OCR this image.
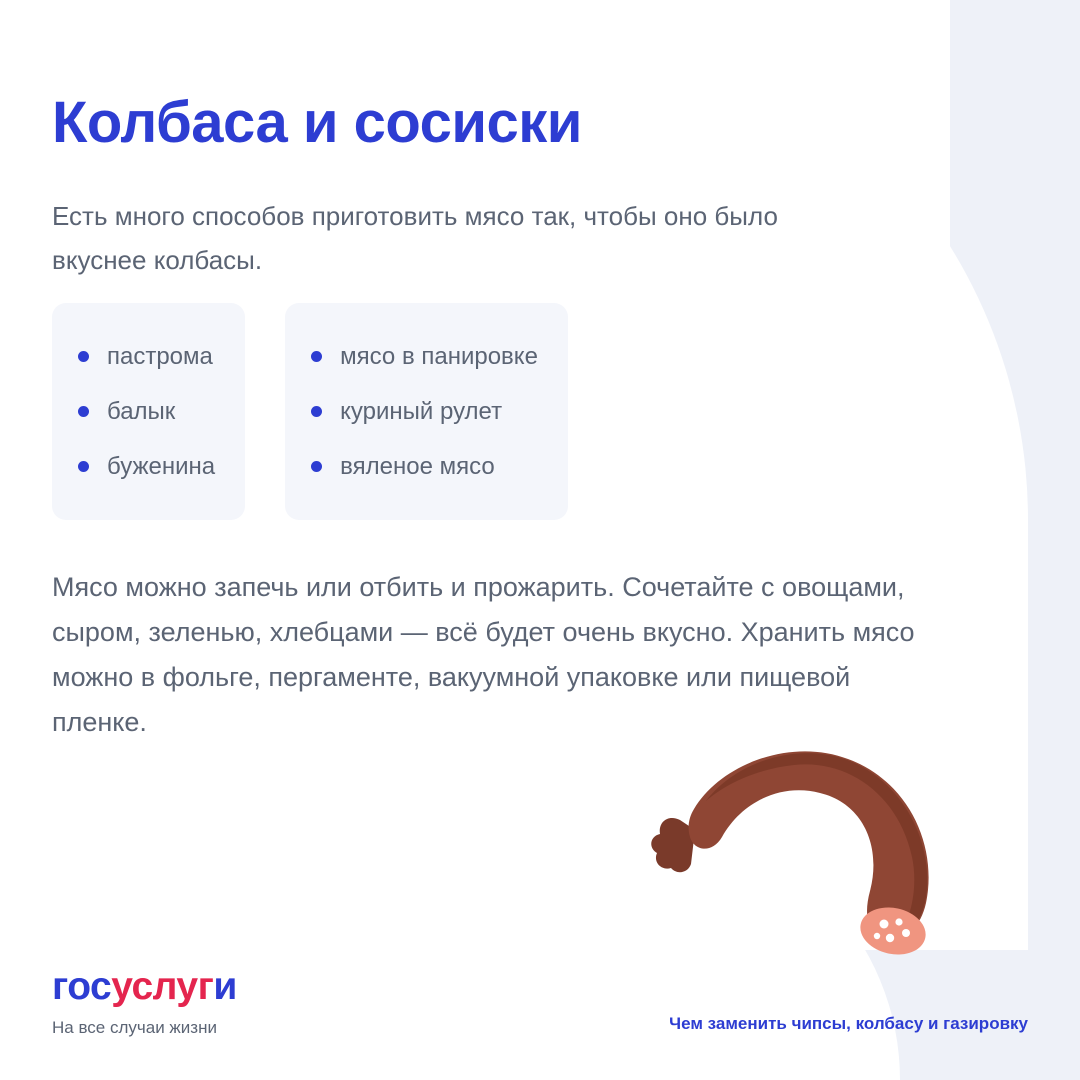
Колбаса и сосиски

Есть много способов приготовить мясо так, чтобы оно было вкуснее колбасы.

пастрома
балык
буженина
мясо в панировке
куриный рулет
вяленое мясо

Мясо можно запечь или отбить и прожарить. Сочетайте с овощами, сыром, зеленью, хлебцами — всё будет очень вкусно. Хранить мясо можно в фольге, пергаменте, вакуумной упаковке или пищевой пленке.

госуслуги
На все случаи жизни	Чем заменить чипсы, колбасу и газировку
